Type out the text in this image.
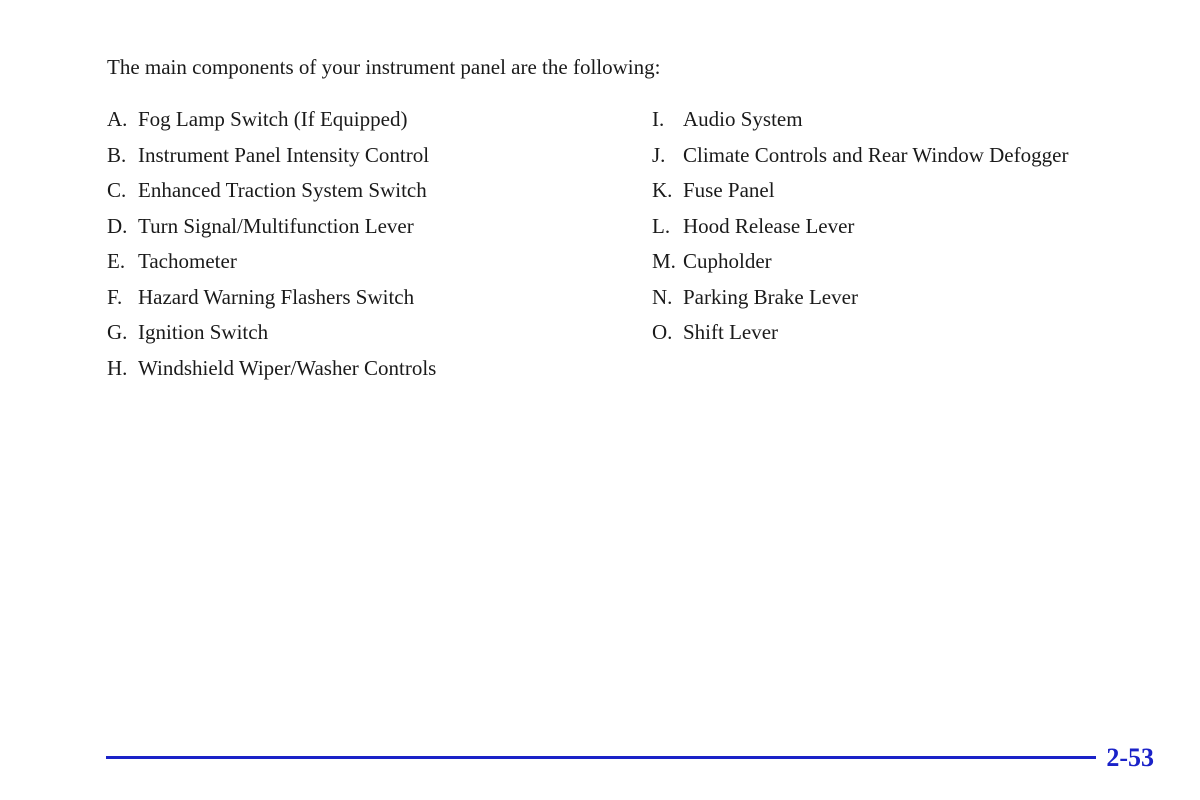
The main components of your instrument panel are the following:
A. Fog Lamp Switch (If Equipped)
B. Instrument Panel Intensity Control
C. Enhanced Traction System Switch
D. Turn Signal/Multifunction Lever
E. Tachometer
F. Hazard Warning Flashers Switch
G. Ignition Switch
H. Windshield Wiper/Washer Controls
I. Audio System
J. Climate Controls and Rear Window Defogger
K. Fuse Panel
L. Hood Release Lever
M. Cupholder
N. Parking Brake Lever
O. Shift Lever
2-53
